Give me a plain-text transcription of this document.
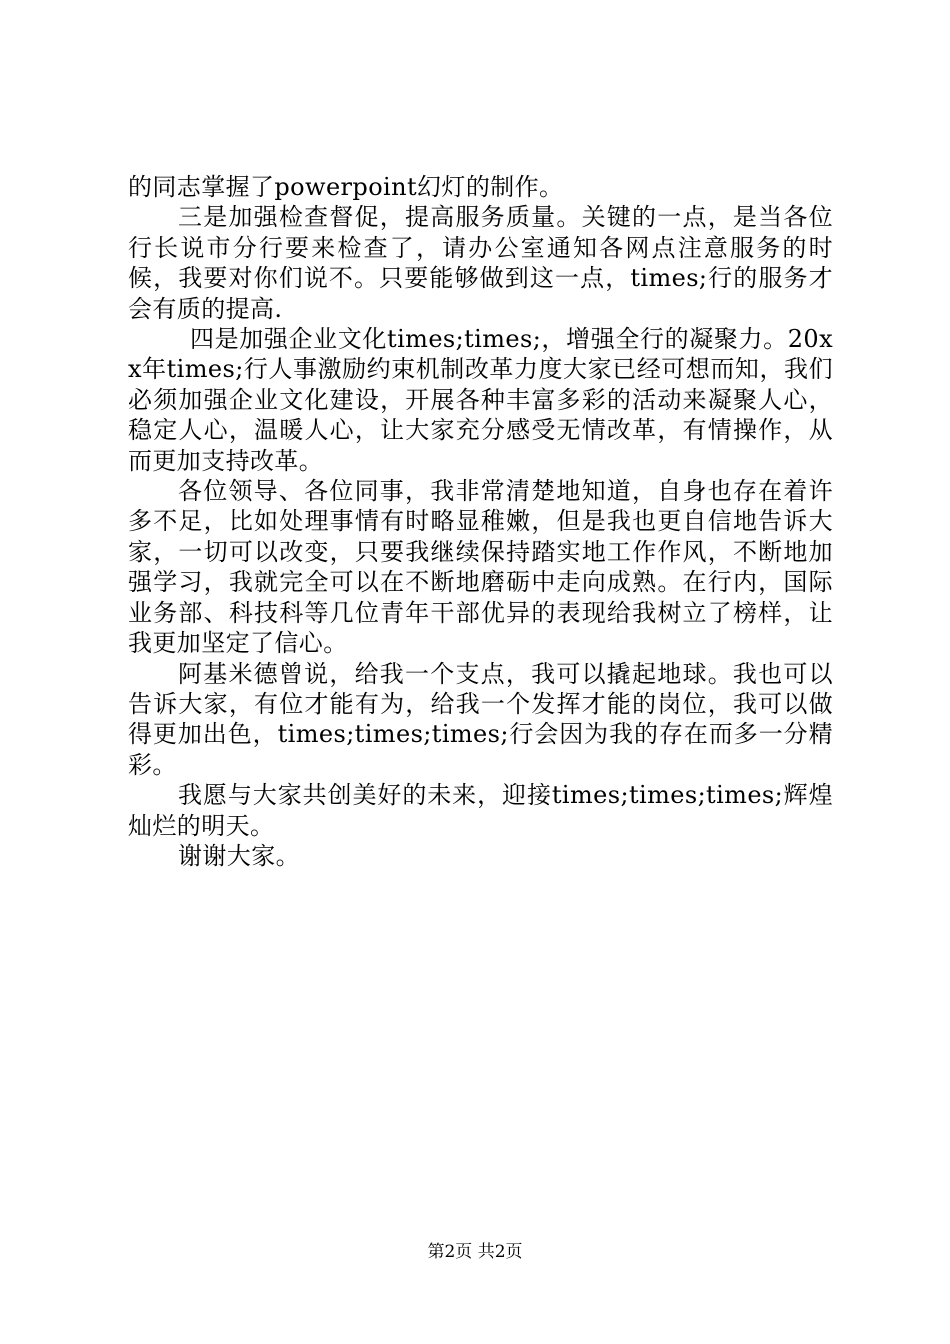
的同志掌握了powerpoint幻灯的制作。

三是加强检查督促，提高服务质量。关键的一点，是当各位行长说市分行要来检查了，请办公室通知各网点注意服务的时候，我要对你们说不。只要能够做到这一点，times;行的服务才会有质的提高.

四是加强企业文化times;times;，增强全行的凝聚力。20xx年times;行人事激励约束机制改革力度大家已经可想而知，我们必须加强企业文化建设，开展各种丰富多彩的活动来凝聚人心，稳定人心，温暖人心，让大家充分感受无情改革，有情操作，从而更加支持改革。

各位领导、各位同事，我非常清楚地知道，自身也存在着许多不足，比如处理事情有时略显稚嫩，但是我也更自信地告诉大家，一切可以改变，只要我继续保持踏实地工作作风，不断地加强学习，我就完全可以在不断地磨砺中走向成熟。在行内，国际业务部、科技科等几位青年干部优异的表现给我树立了榜样，让我更加坚定了信心。

阿基米德曾说，给我一个支点，我可以撬起地球。我也可以告诉大家，有位才能有为，给我一个发挥才能的岗位，我可以做得更加出色，times;times;times;行会因为我的存在而多一分精彩。

我愿与大家共创美好的未来，迎接times;times;times;辉煌灿烂的明天。

谢谢大家。

第2页 共2页
